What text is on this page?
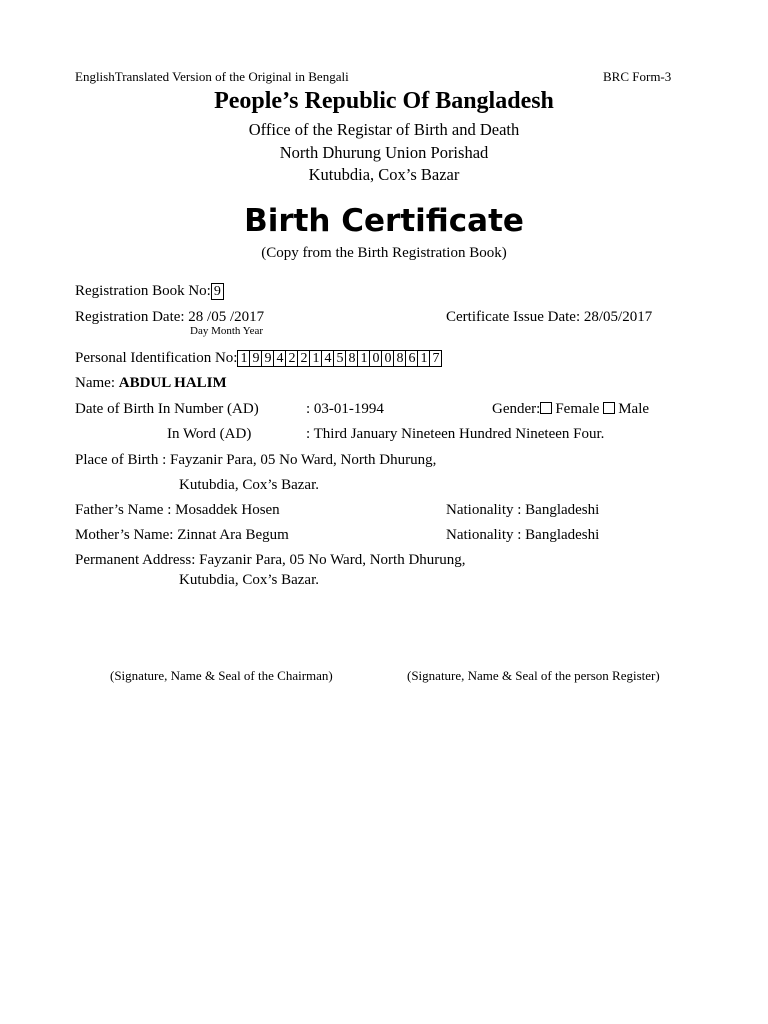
EnglishTranslated Version of the Original in Bengali	BRC Form-3
People’s Republic Of Bangladesh
Office of the Registar of Birth and Death
North Dhurung Union Porishad
Kutubdia, Cox’s Bazar
Birth Certificate
(Copy from the Birth Registration Book)
Registration Book No: 9
Registration Date: 28 /05 /2017
Day Month Year
Certificate Issue Date: 28/05/2017
Personal Identification No: 1 9 9 4 2 2 1 4 5 8 1 0 0 8 6 1 7
Name: ABDUL HALIM
Date of Birth In Number (AD)	: 03-01-1994	Gender: Female Male
In Word (AD)	: Third January Nineteen Hundred Nineteen Four.
Place of Birth : Fayzanir Para, 05 No Ward, North Dhurung,
Kutubdia, Cox’s Bazar.
Father’s Name : Mosaddek Hosen	Nationality : Bangladeshi
Mother’s Name: Zinnat Ara Begum	Nationality : Bangladeshi
Permanent Address: Fayzanir Para, 05 No Ward, North Dhurung,
Kutubdia, Cox’s Bazar.
(Signature, Name & Seal of the Chairman)	(Signature, Name & Seal of the person Register)
